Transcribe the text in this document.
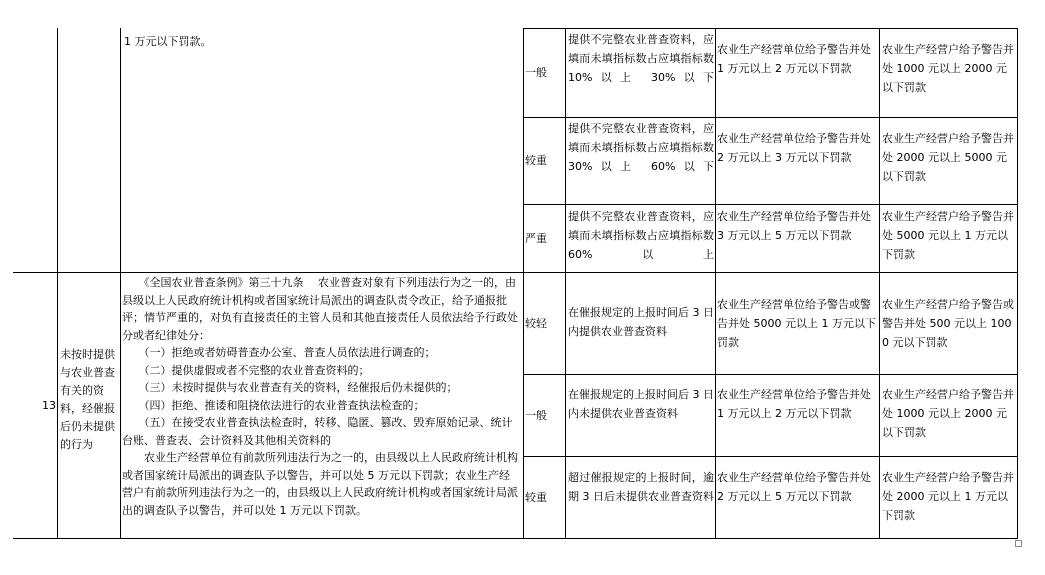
1 万元以下罚款。
一般
提供不完整农业普查资料，应填而未填指标数占应填指标数 10%以上 30%以下
农业生产经营单位给予警告并处 1 万元以上 2 万元以下罚款
农业生产经营户给予警告并处 1000 元以上 2000 元以下罚款
较重
提供不完整农业普查资料，应填而未填指标数占应填指标数 30%以上 60%以下
农业生产经营单位给予警告并处 2 万元以上 3 万元以下罚款
农业生产经营户给予警告并处 2000 元以上 5000 元以下罚款
严重
提供不完整农业普查资料，应填而未填指标数占应填指标数 60%以上
农业生产经营单位给予警告并处 3 万元以上 5 万元以下罚款
农业生产经营户给予警告并处 5000 元以上 1 万元以下罚款
13
未按时提供与农业普查有关的资料，经催报后仍未提供的行为
　　《全国农业普查条例》第三十九条　 农业普查对象有下列违法行为之一的，由县级以上人民政府统计机构或者国家统计局派出的调查队责令改正，给予通报批评；情节严重的，对负有直接责任的主管人员和其他直接责任人员依法给予行政处分或者纪律处分：
　　（一）拒绝或者妨碍普查办公室、普查人员依法进行调查的；
　　（二）提供虚假或者不完整的农业普查资料的；
　　（三）未按时提供与农业普查有关的资料，经催报后仍未提供的；
　　（四）拒绝、推诿和阻挠依法进行的农业普查执法检查的；
　　（五）在接受农业普查执法检查时，转移、隐匿、篡改、毁弃原始记录、统计台账、普查表、会计资料及其他相关资料的
　　农业生产经营单位有前款所列违法行为之一的，由县级以上人民政府统计机构或者国家统计局派出的调查队予以警告，并可以处 5 万元以下罚款；农业生产经营户有前款所列违法行为之一的，由县级以上人民政府统计机构或者国家统计局派出的调查队予以警告，并可以处 1 万元以下罚款。
较轻
在催报规定的上报时间后 3 日内提供农业普查资料
农业生产经营单位给予警告或警告并处 5000 元以上 1 万元以下罚款
农业生产经营户给予警告或警告并处 500 元以上 1000 元以下罚款
一般
在催报规定的上报时间后 3 日内未提供农业普查资料
农业生产经营单位给予警告并处 1 万元以上 2 万元以下罚款
农业生产经营户给予警告并处 1000 元以上 2000 元以下罚款
较重
超过催报规定的上报时间，逾期 3 日后未提供农业普查资料
农业生产经营单位给予警告并处 2 万元以上 5 万元以下罚款
农业生产经营户给予警告并处 2000 元以上 1 万元以下罚款
